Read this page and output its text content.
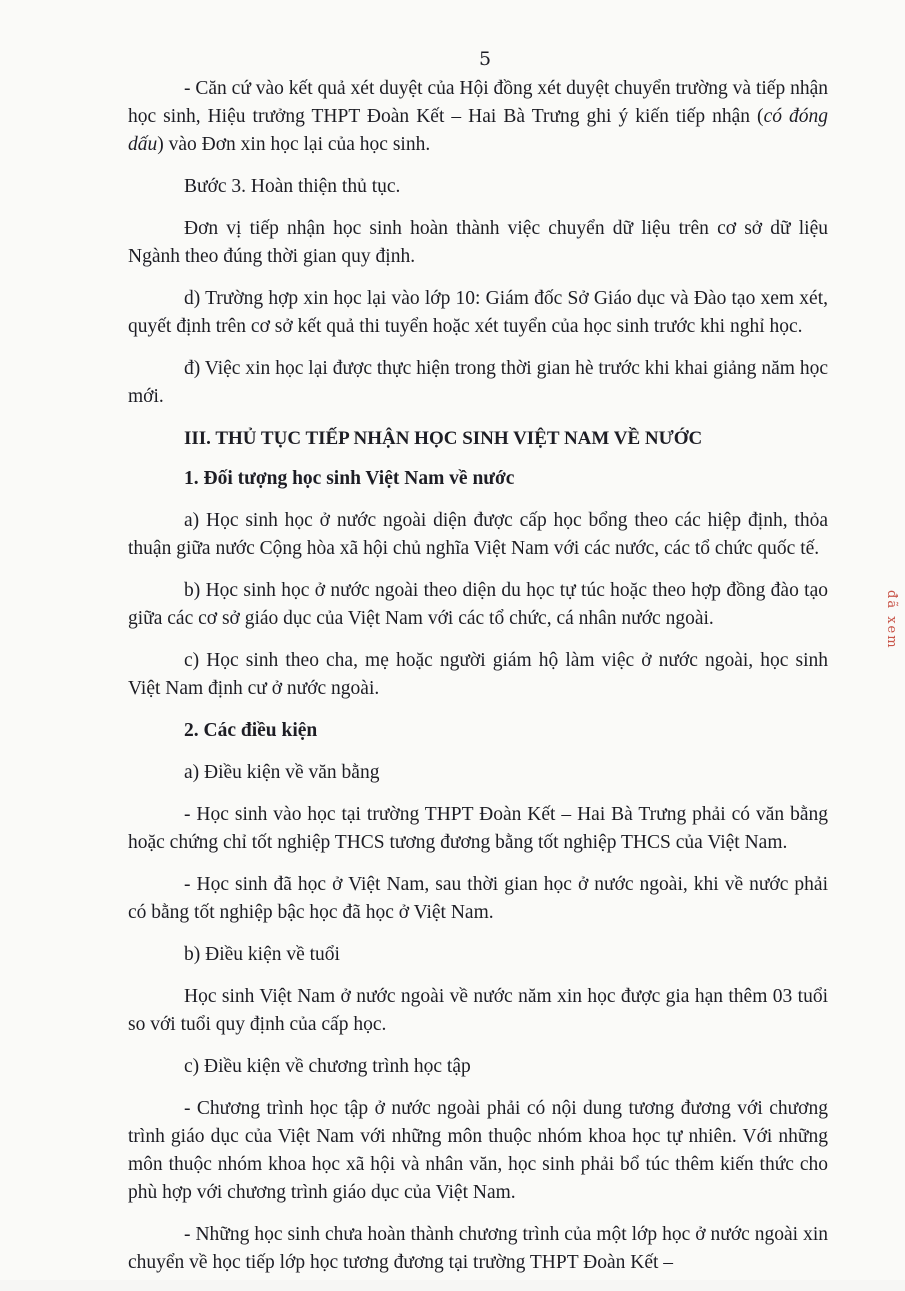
5

- Căn cứ vào kết quả xét duyệt của Hội đồng xét duyệt chuyển trường và tiếp nhận học sinh, Hiệu trưởng THPT Đoàn Kết – Hai Bà Trưng ghi ý kiến tiếp nhận (có đóng dấu) vào Đơn xin học lại của học sinh.

Bước 3. Hoàn thiện thủ tục.

Đơn vị tiếp nhận học sinh hoàn thành việc chuyển dữ liệu trên cơ sở dữ liệu Ngành theo đúng thời gian quy định.

d) Trường hợp xin học lại vào lớp 10: Giám đốc Sở Giáo dục và Đào tạo xem xét, quyết định trên cơ sở kết quả thi tuyển hoặc xét tuyển của học sinh trước khi nghỉ học.

đ) Việc xin học lại được thực hiện trong thời gian hè trước khi khai giảng năm học mới.

III. THỦ TỤC TIẾP NHẬN HỌC SINH VIỆT NAM VỀ NƯỚC

1. Đối tượng học sinh Việt Nam về nước

a) Học sinh học ở nước ngoài diện được cấp học bổng theo các hiệp định, thỏa thuận giữa nước Cộng hòa xã hội chủ nghĩa Việt Nam với các nước, các tổ chức quốc tế.

b) Học sinh học ở nước ngoài theo diện du học tự túc hoặc theo hợp đồng đào tạo giữa các cơ sở giáo dục của Việt Nam với các tổ chức, cá nhân nước ngoài.

c) Học sinh theo cha, mẹ hoặc người giám hộ làm việc ở nước ngoài, học sinh Việt Nam định cư ở nước ngoài.

2. Các điều kiện

a) Điều kiện về văn bằng

- Học sinh vào học tại trường THPT Đoàn Kết – Hai Bà Trưng phải có văn bằng hoặc chứng chỉ tốt nghiệp THCS tương đương bằng tốt nghiệp THCS của Việt Nam.

- Học sinh đã học ở Việt Nam, sau thời gian học ở nước ngoài, khi về nước phải có bằng tốt nghiệp bậc học đã học ở Việt Nam.

b) Điều kiện về tuổi

Học sinh Việt Nam ở nước ngoài về nước năm xin học được gia hạn thêm 03 tuổi so với tuổi quy định của cấp học.

c) Điều kiện về chương trình học tập

- Chương trình học tập ở nước ngoài phải có nội dung tương đương với chương trình giáo dục của Việt Nam với những môn thuộc nhóm khoa học tự nhiên. Với những môn thuộc nhóm khoa học xã hội và nhân văn, học sinh phải bổ túc thêm kiến thức cho phù hợp với chương trình giáo dục của Việt Nam.

- Những học sinh chưa hoàn thành chương trình của một lớp học ở nước ngoài xin chuyển về học tiếp lớp học tương đương tại trường THPT Đoàn Kết –

đã xem
